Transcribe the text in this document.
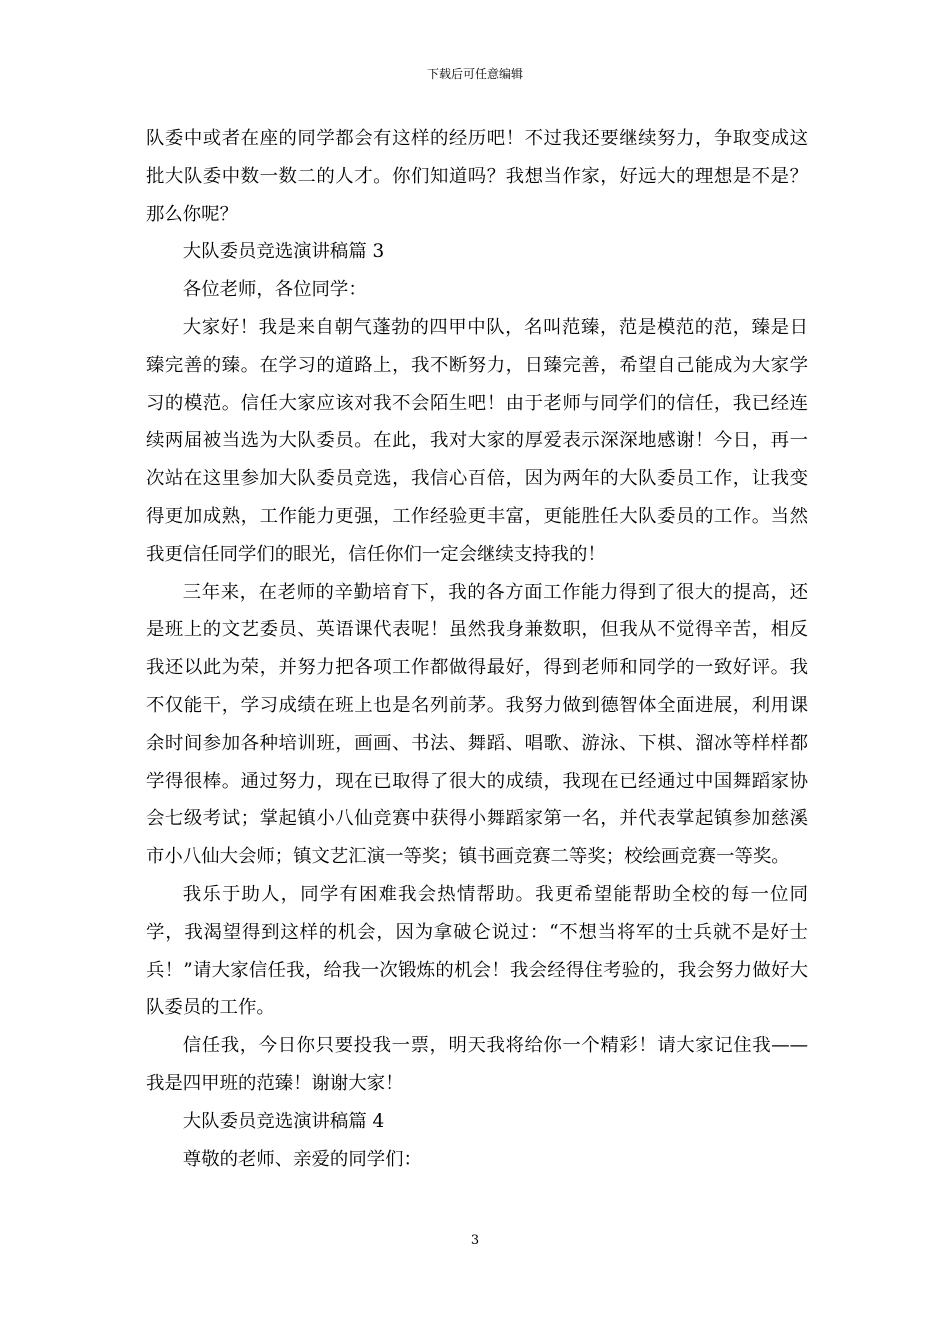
下载后可任意编辑

队委中或者在座的同学都会有这样的经历吧！不过我还要继续努力，争取变成这批大队委中数一数二的人才。你们知道吗？我想当作家，好远大的理想是不是？那么你呢？

大队委员竞选演讲稿篇 3

各位老师，各位同学：

大家好！我是来自朝气蓬勃的四甲中队，名叫范臻，范是模范的范，臻是日臻完善的臻。在学习的道路上，我不断努力，日臻完善，希望自己能成为大家学习的模范。信任大家应该对我不会陌生吧！由于老师与同学们的信任，我已经连续两届被当选为大队委员。在此，我对大家的厚爱表示深深地感谢！今日，再一次站在这里参加大队委员竞选，我信心百倍，因为两年的大队委员工作，让我变得更加成熟，工作能力更强，工作经验更丰富，更能胜任大队委员的工作。当然我更信任同学们的眼光，信任你们一定会继续支持我的！

三年来，在老师的辛勤培育下，我的各方面工作能力得到了很大的提高，还是班上的文艺委员、英语课代表呢！虽然我身兼数职，但我从不觉得辛苦，相反我还以此为荣，并努力把各项工作都做得最好，得到老师和同学的一致好评。我不仅能干，学习成绩在班上也是名列前茅。我努力做到德智体全面进展，利用课余时间参加各种培训班，画画、书法、舞蹈、唱歌、游泳、下棋、溜冰等样样都学得很棒。通过努力，现在已取得了很大的成绩，我现在已经通过中国舞蹈家协会七级考试；掌起镇小八仙竞赛中获得小舞蹈家第一名，并代表掌起镇参加慈溪市小八仙大会师；镇文艺汇演一等奖；镇书画竞赛二等奖；校绘画竞赛一等奖。

我乐于助人，同学有困难我会热情帮助。我更希望能帮助全校的每一位同学，我渴望得到这样的机会，因为拿破仑说过：“不想当将军的士兵就不是好士兵！”请大家信任我，给我一次锻炼的机会！我会经得住考验的，我会努力做好大队委员的工作。

信任我，今日你只要投我一票，明天我将给你一个精彩！请大家记住我——我是四甲班的范臻！谢谢大家！

大队委员竞选演讲稿篇 4

尊敬的老师、亲爱的同学们：

3
